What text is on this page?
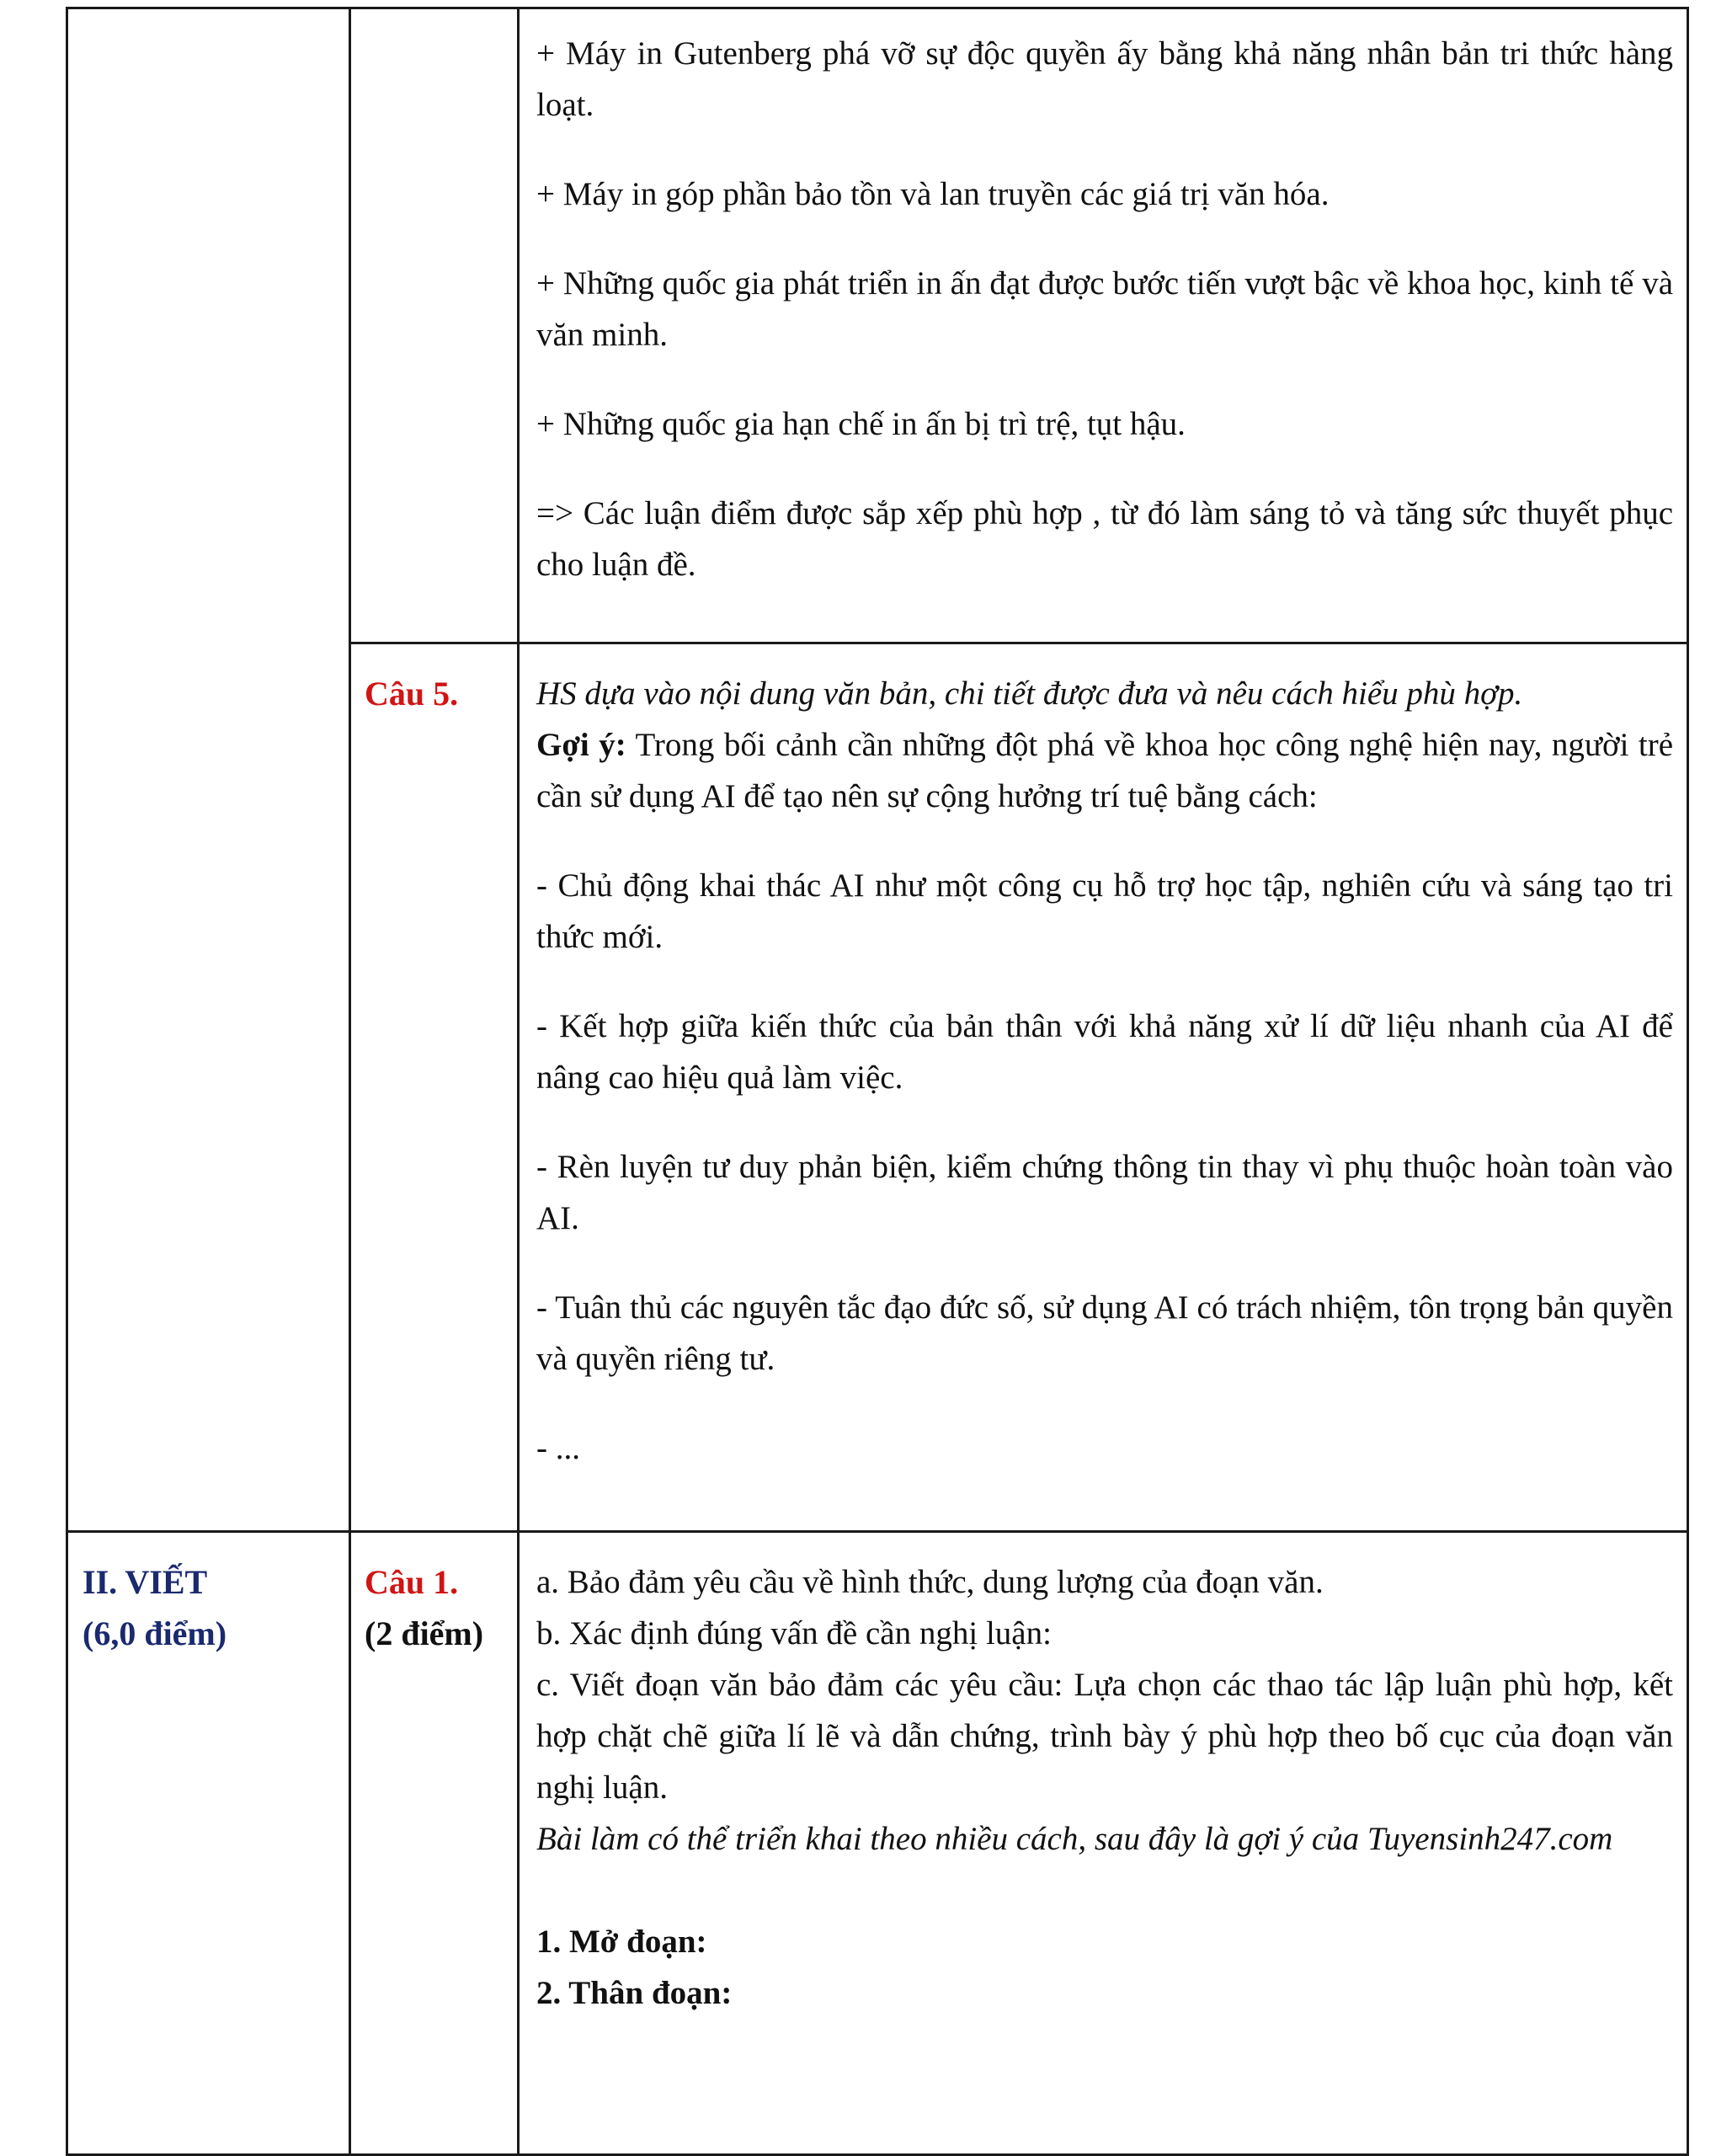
+ Máy in Gutenberg phá vỡ sự độc quyền ấy bằng khả năng nhân bản tri thức hàng loạt.

+ Máy in góp phần bảo tồn và lan truyền các giá trị văn hóa.

+ Những quốc gia phát triển in ấn đạt được bước tiến vượt bậc về khoa học, kinh tế và văn minh.

+ Những quốc gia hạn chế in ấn bị trì trệ, tụt hậu.

=> Các luận điểm được sắp xếp phù hợp , từ đó làm sáng tỏ và tăng sức thuyết phục cho luận đề.

Câu 5. HS dựa vào nội dung văn bản, chi tiết được đưa và nêu cách hiểu phù hợp.

Gợi ý: Trong bối cảnh cần những đột phá về khoa học công nghệ hiện nay, người trẻ cần sử dụng AI để tạo nên sự cộng hưởng trí tuệ bằng cách:

- Chủ động khai thác AI như một công cụ hỗ trợ học tập, nghiên cứu và sáng tạo tri thức mới.

- Kết hợp giữa kiến thức của bản thân với khả năng xử lí dữ liệu nhanh của AI để nâng cao hiệu quả làm việc.

- Rèn luyện tư duy phản biện, kiểm chứng thông tin thay vì phụ thuộc hoàn toàn vào AI.

- Tuân thủ các nguyên tắc đạo đức số, sử dụng AI có trách nhiệm, tôn trọng bản quyền và quyền riêng tư.

- ...

II. VIẾT
(6,0 điểm)
Câu 1.
(2 điểm)

a. Bảo đảm yêu cầu về hình thức, dung lượng của đoạn văn.

b. Xác định đúng vấn đề cần nghị luận:

c. Viết đoạn văn bảo đảm các yêu cầu: Lựa chọn các thao tác lập luận phù hợp, kết hợp chặt chẽ giữa lí lẽ và dẫn chứng, trình bày ý phù hợp theo bố cục của đoạn văn nghị luận.

Bài làm có thể triển khai theo nhiều cách, sau đây là gợi ý của Tuyensinh247.com

1. Mở đoạn:

2. Thân đoạn:
